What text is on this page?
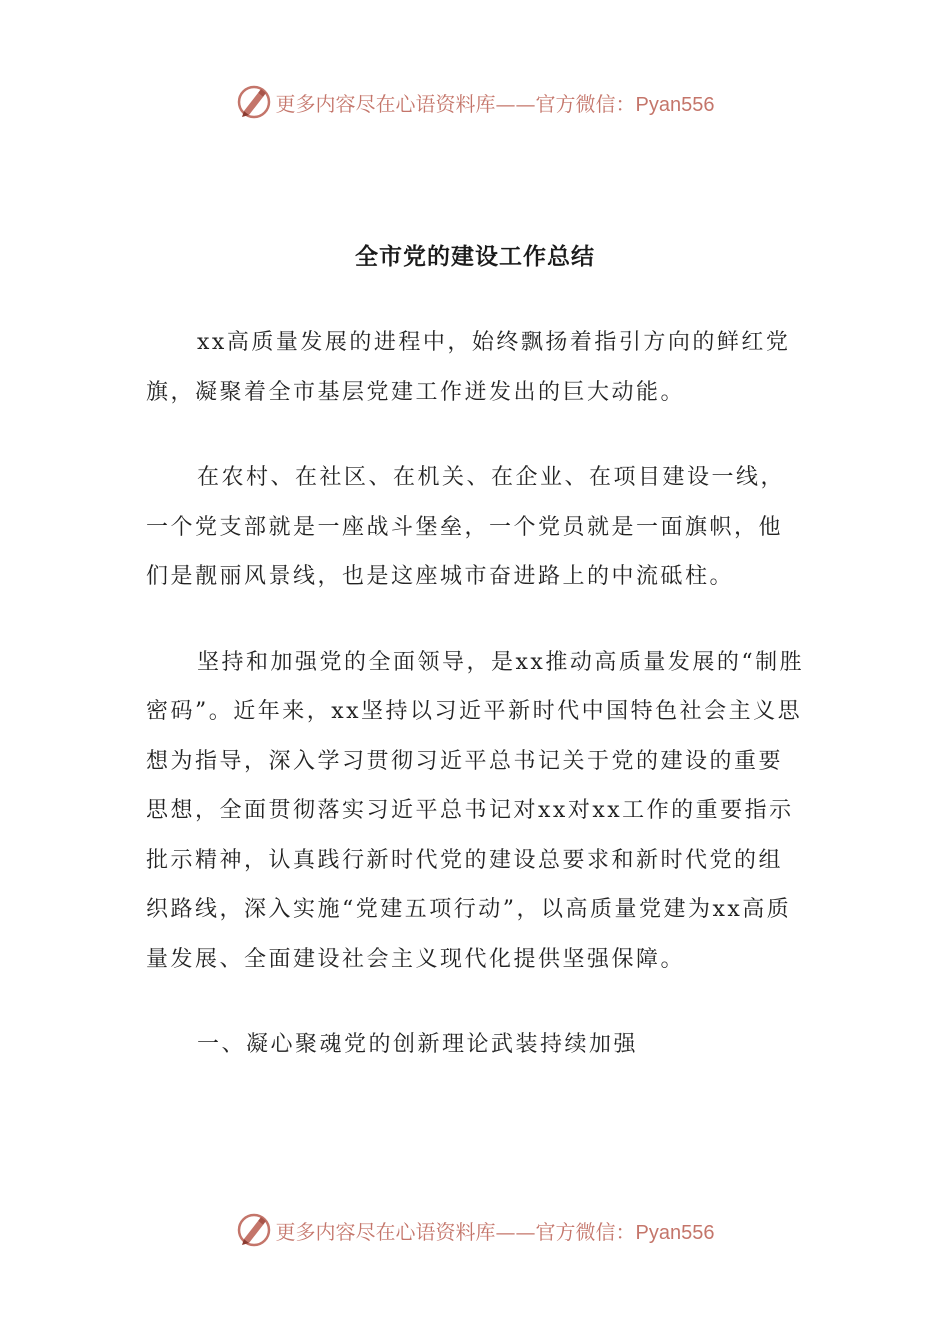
更多内容尽在心语资料库——官方微信：Pyan556
全市党的建设工作总结

xx高质量发展的进程中，始终飘扬着指引方向的鲜红党旗，凝聚着全市基层党建工作迸发出的巨大动能。

在农村、在社区、在机关、在企业、在项目建设一线，一个党支部就是一座战斗堡垒，一个党员就是一面旗帜，他们是靓丽风景线，也是这座城市奋进路上的中流砥柱。

坚持和加强党的全面领导，是xx推动高质量发展的“制胜密码”。近年来，xx坚持以习近平新时代中国特色社会主义思想为指导，深入学习贯彻习近平总书记关于党的建设的重要思想，全面贯彻落实习近平总书记对xx对xx工作的重要指示批示精神，认真践行新时代党的建设总要求和新时代党的组织路线，深入实施“党建五项行动”，以高质量党建为xx高质量发展、全面建设社会主义现代化提供坚强保障。

一、凝心聚魂党的创新理论武装持续加强

更多内容尽在心语资料库——官方微信：Pyan556
